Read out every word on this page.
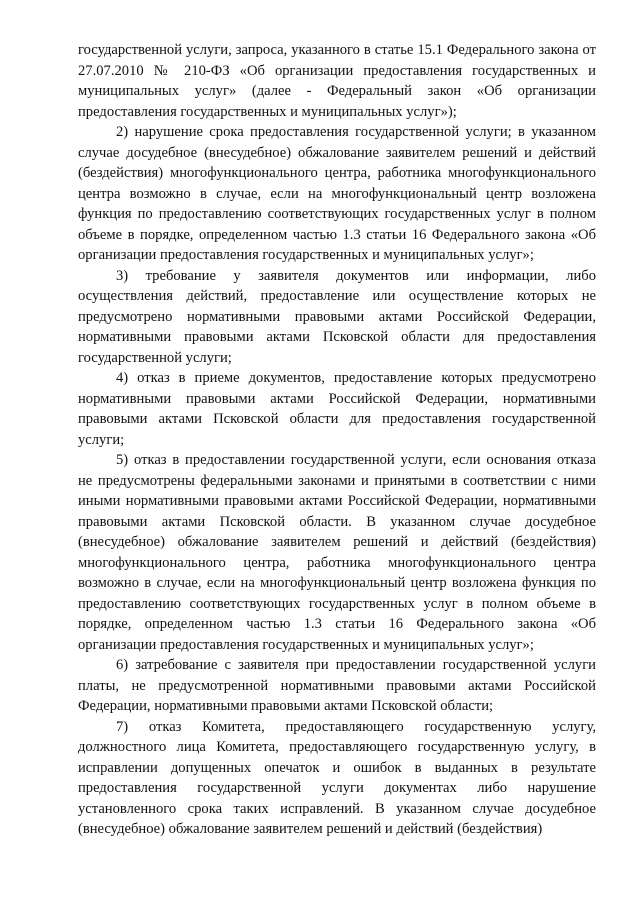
государственной услуги, запроса, указанного в статье 15.1 Федерального закона от 27.07.2010 № 210-ФЗ «Об организации предоставления государственных и муниципальных услуг» (далее - Федеральный закон «Об организации предоставления государственных и муниципальных услуг»);

2) нарушение срока предоставления государственной услуги; в указанном случае досудебное (внесудебное) обжалование заявителем решений и действий (бездействия) многофункционального центра, работника многофункционального центра возможно в случае, если на многофункциональный центр возложена функция по предоставлению соответствующих государственных услуг в полном объеме в порядке, определенном частью 1.3 статьи 16 Федерального закона «Об организации предоставления государственных и муниципальных услуг»;

3) требование у заявителя документов или информации, либо осуществления действий, предоставление или осуществление которых не предусмотрено нормативными правовыми актами Российской Федерации, нормативными правовыми актами Псковской области для предоставления государственной услуги;

4) отказ в приеме документов, предоставление которых предусмотрено нормативными правовыми актами Российской Федерации, нормативными правовыми актами Псковской области для предоставления государственной услуги;

5) отказ в предоставлении государственной услуги, если основания отказа не предусмотрены федеральными законами и принятыми в соответствии с ними иными нормативными правовыми актами Российской Федерации, нормативными правовыми актами Псковской области. В указанном случае досудебное (внесудебное) обжалование заявителем решений и действий (бездействия) многофункционального центра, работника многофункционального центра возможно в случае, если на многофункциональный центр возложена функция по предоставлению соответствующих государственных услуг в полном объеме в порядке, определенном частью 1.3 статьи 16 Федерального закона «Об организации предоставления государственных и муниципальных услуг»;

6) затребование с заявителя при предоставлении государственной услуги платы, не предусмотренной нормативными правовыми актами Российской Федерации, нормативными правовыми актами Псковской области;

7) отказ Комитета, предоставляющего государственную услугу, должностного лица Комитета, предоставляющего государственную услугу, в исправлении допущенных опечаток и ошибок в выданных в результате предоставления государственной услуги документах либо нарушение установленного срока таких исправлений. В указанном случае досудебное (внесудебное) обжалование заявителем решений и действий (бездействия)
